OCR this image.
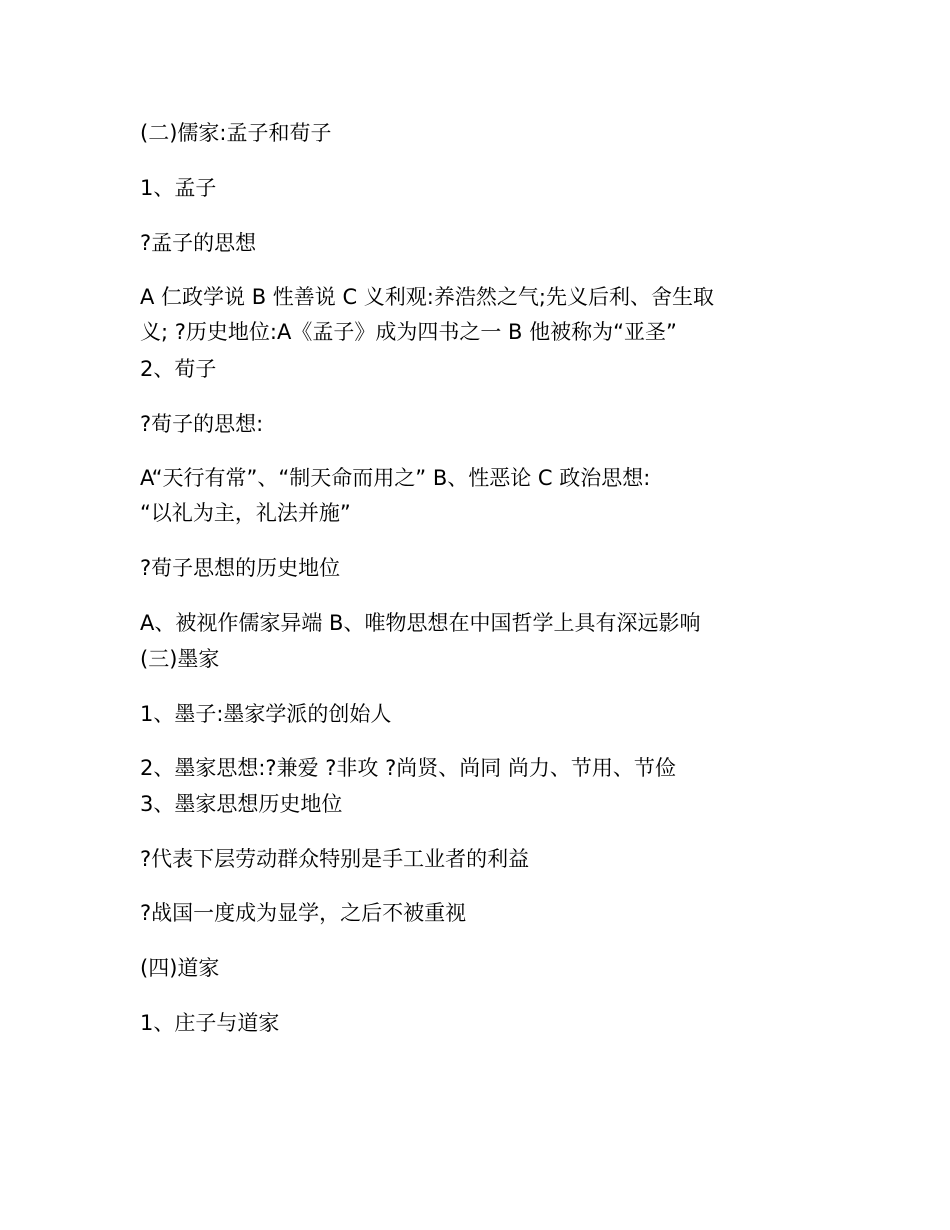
(二)儒家:孟子和荀子

1、孟子

?孟子的思想

A 仁政学说 B 性善说 C 义利观:养浩然之气;先义后利、舍生取

义; ?历史地位:A《孟子》成为四书之一 B 他被称为“亚圣”

2、荀子

?荀子的思想:

A“天行有常”、“制天命而用之” B、性恶论 C 政治思想:

“以礼为主，礼法并施”

?荀子思想的历史地位

A、被视作儒家异端 B、唯物思想在中国哲学上具有深远影响

(三)墨家

1、墨子:墨家学派的创始人

2、墨家思想:?兼爱 ?非攻 ?尚贤、尚同 尚力、节用、节俭

3、墨家思想历史地位

?代表下层劳动群众特别是手工业者的利益

?战国一度成为显学，之后不被重视

(四)道家

1、庄子与道家
